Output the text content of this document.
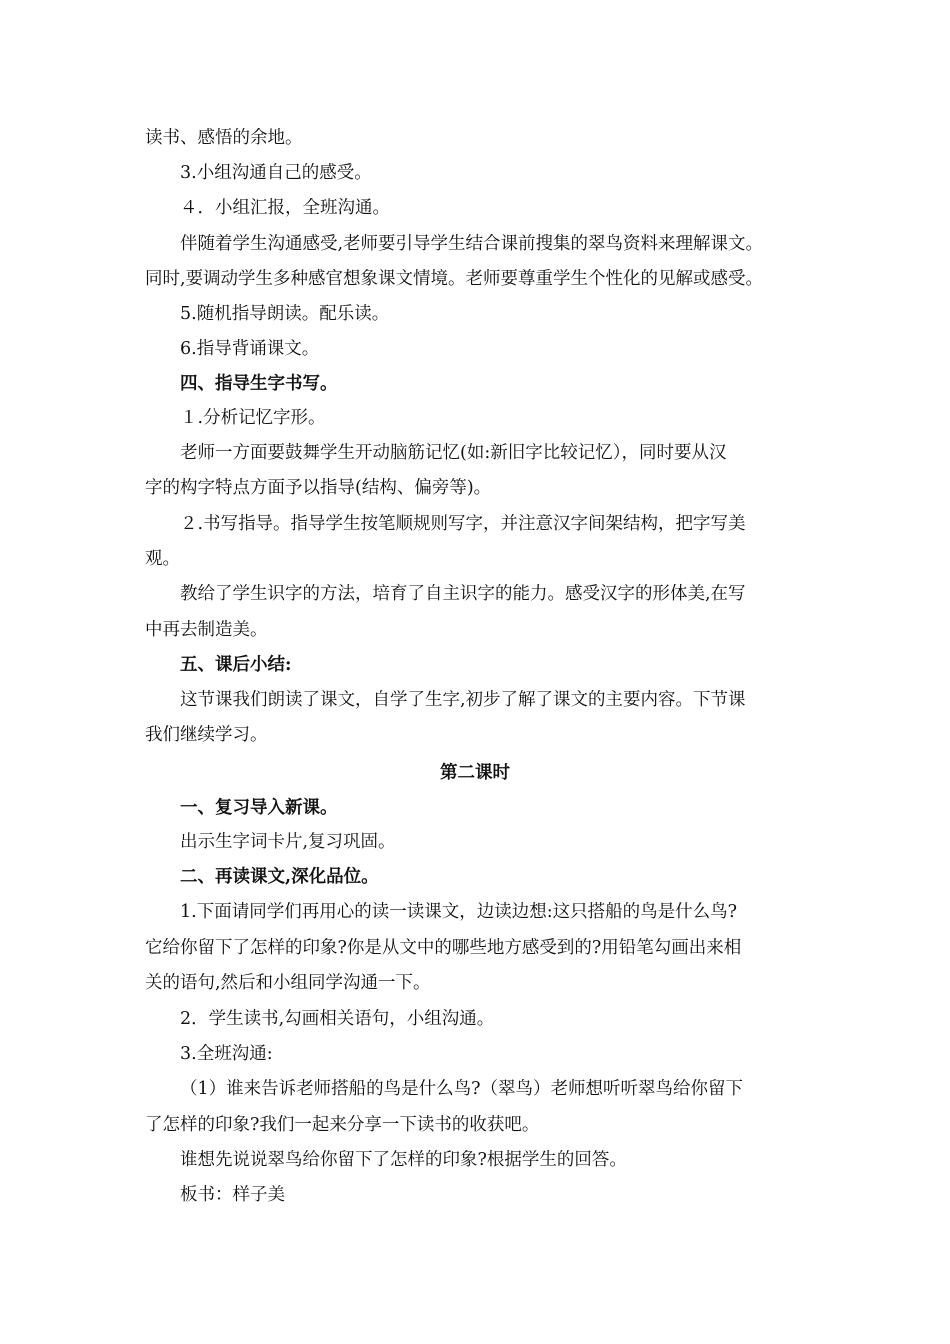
读书、感悟的余地。
3.小组沟通自己的感受。
４．小组汇报，全班沟通。
伴随着学生沟通感受,老师要引导学生结合课前搜集的翠鸟资料来理解课文。
同时,要调动学生多种感官想象课文情境。老师要尊重学生个性化的见解或感受。
5.随机指导朗读。配乐读。
6.指导背诵课文。
四、指导生字书写。
１.分析记忆字形。
老师一方面要鼓舞学生开动脑筋记忆(如:新旧字比较记忆），同时要从汉
字的构字特点方面予以指导(结构、偏旁等)。
２.书写指导。指导学生按笔顺规则写字，并注意汉字间架结构，把字写美
观。
教给了学生识字的方法，培育了自主识字的能力。感受汉字的形体美,在写
中再去制造美。
五、课后小结:
这节课我们朗读了课文，自学了生字,初步了解了课文的主要内容。下节课
我们继续学习。
第二课时
一、复习导入新课。
出示生字词卡片,复习巩固。
二、再读课文,深化品位。
1.下面请同学们再用心的读一读课文，边读边想:这只搭船的鸟是什么鸟?
它给你留下了怎样的印象?你是从文中的哪些地方感受到的?用铅笔勾画出来相
关的语句,然后和小组同学沟通一下。
2．学生读书,勾画相关语句，小组沟通。
3.全班沟通:
（1）谁来告诉老师搭船的鸟是什么鸟?（翠鸟）老师想听听翠鸟给你留下
了怎样的印象?我们一起来分享一下读书的收获吧。
谁想先说说翠鸟给你留下了怎样的印象?根据学生的回答。
板书：样子美
